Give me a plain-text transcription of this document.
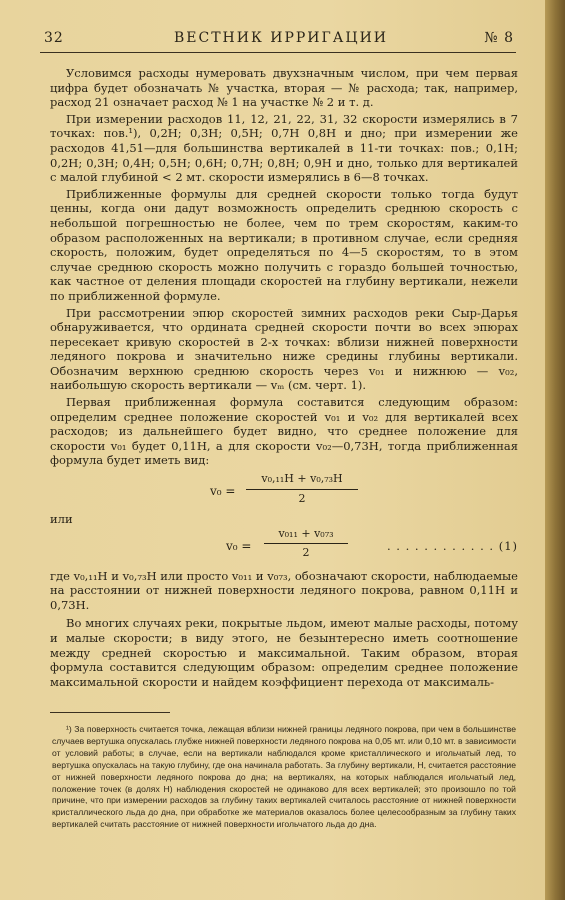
32	ВЕСТНИК ИРРИГАЦИИ	№ 8

Условимся расходы нумеровать двухзначным числом, при чем первая цифра будет обозначать № участка, вторая — № расхода; так, например, расход 21 означает расход № 1 на участке № 2 и т. д.

При измерении расходов 11, 12, 21, 22, 31, 32 скорости измерялись в 7 точках: пов.¹), 0,2H; 0,3H; 0,5H; 0,7H 0,8H и дно; при измерении же расходов 41,51—для большинства вертикалей в 11-ти точках: пов.; 0,1H; 0,2H; 0,3H; 0,4H; 0,5H; 0,6H; 0,7H; 0,8H; 0,9H и дно, только для вертикалей с малой глубиной < 2 мт. скорости измерялись в 6—8 точках.

Приближенные формулы для средней скорости только тогда будут ценны, когда они дадут возможность определить среднюю скорость с небольшой погрешностью не более, чем по трем скоростям, каким-то образом расположенных на вертикали; в противном случае, если средняя скорость, положим, будет определяться по 4—5 скоростям, то в этом случае среднюю скорость можно получить с гораздо большей точностью, как частное от деления площади скоростей на глубину вертикали, нежели по приближенной формуле.

При рассмотрении эпюр скоростей зимних расходов реки Сыр-Дарья обнаруживается, что ордината средней скорости почти во всех эпюрах пересекает кривую скоростей в 2-х точках: вблизи нижней поверхности ледяного покрова и значительно ниже средины глубины вертикали. Обозначим верхнюю среднюю скорость через v₀₁ и нижнюю — v₀₂, наибольшую скорость вертикали — vₘ (см. черт. 1).

Первая приближенная формула составится следующим образом: определим среднее положение скоростей v₀₁ и v₀₂ для вертикалей всех расходов; из дальнейшего будет видно, что среднее положение для скорости v₀₁ будет 0,11H, а для скорости v₀₂—0,73H, тогда приближенная формула будет иметь вид:

v₀ =
v₀,₁₁H + v₀,₇₃H
2

или

v₀ =
v₀₁₁ + v₀₇₃
2
. . . . . . . . . . . . (1)

где v₀,₁₁H и v₀,₇₃H или просто v₀₁₁ и v₀₇₃, обозначают скорости, наблюдаемые на расстоянии от нижней поверхности ледяного покрова, равном 0,11H и 0,73H.

Во многих случаях реки, покрытые льдом, имеют малые расходы, потому и малые скорости; в виду этого, не безынтересно иметь соотношение между средней скоростью и максимальной. Таким образом, вторая формула составится следующим образом: определим среднее положение максимальной скорости и найдем коэффициент перехода от максималь-

¹) За поверхность считается точка, лежащая вблизи нижней границы ледяного покрова, при чем в большинстве случаев вертушка опускалась глубже нижней поверхности ледяного покрова на 0,05 мт. или 0,10 мт. в зависимости от условий работы; в случае, если на вертикали наблюдался кроме кристаллического и игольчатый лед, то вертушка опускалась на такую глубину, где она начинала работать. За глубину вертикали, H, считается расстояние от нижней поверхности ледяного покрова до дна; на вертикалях, на которых наблюдался игольчатый лед, положение точек (в долях H) наблюдения скоростей не одинаково для всех вертикалей; это произошло по той причине, что при измерении расходов за глубину таких вертикалей считалось расстояние от нижней поверхности кристаллического льда до дна, при обработке же материалов оказалось более целесообразным за глубину таких вертикалей считать расстояние от нижней поверхности игольчатого льда до дна.
